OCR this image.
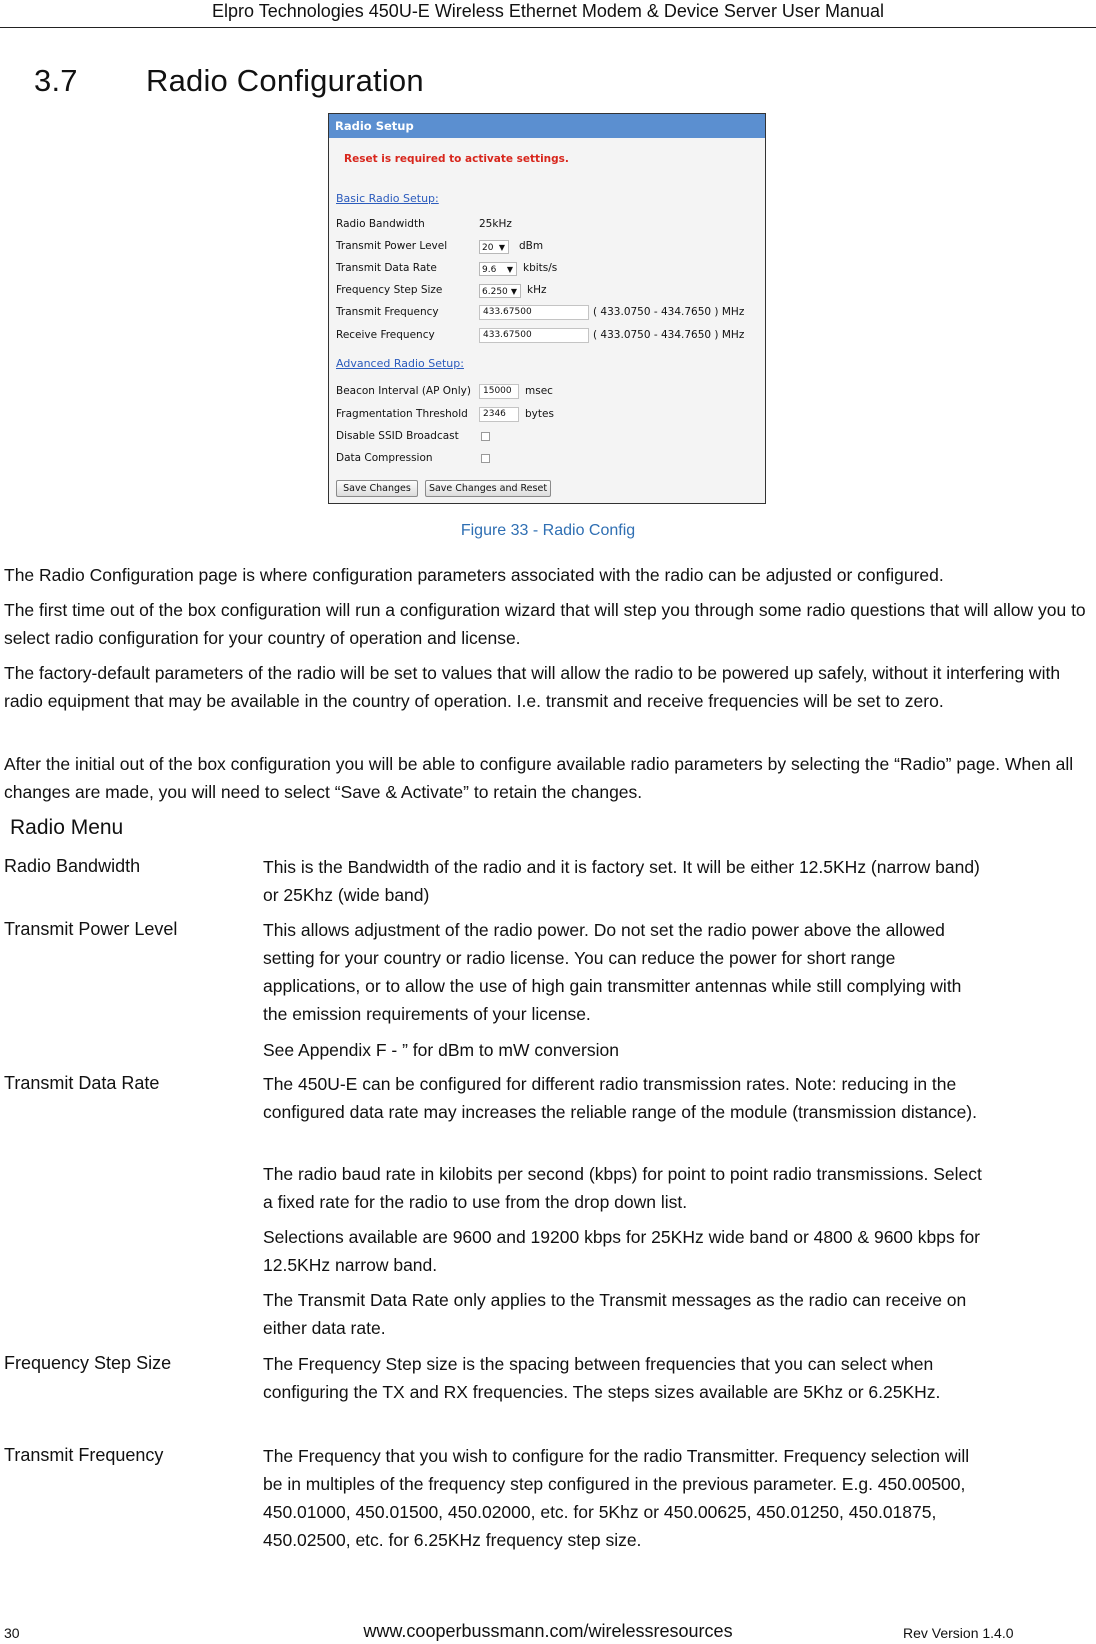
Elpro Technologies 450U-E Wireless Ethernet Modem & Device Server User Manual
3.7 Radio Configuration
Radio Setup
Reset is required to activate settings.
Basic Radio Setup:
Radio Bandwidth	25kHz
Transmit Power Level	20 ▼ dBm
Transmit Data Rate	9.6 ▼ kbits/s
Frequency Step Size	6.250 ▼ kHz
Transmit Frequency	433.67500	( 433.0750 - 434.7650 ) MHz
Receive Frequency	433.67500	( 433.0750 - 434.7650 ) MHz
Advanced Radio Setup:
Beacon Interval (AP Only)	15000	msec
Fragmentation Threshold	2346	bytes
Disable SSID Broadcast
Data Compression
Save Changes	Save Changes and Reset
Figure 33 - Radio Config
The Radio Configuration page is where configuration parameters associated with the radio can be adjusted or configured.
The first time out of the box configuration will run a configuration wizard that will step you through some radio questions that will allow you to select radio configuration for your country of operation and license.
The factory-default parameters of the radio will be set to values that will allow the radio to be powered up safely, without it interfering with radio equipment that may be available in the country of operation. I.e. transmit and receive frequencies will be set to zero.
After the initial out of the box configuration you will be able to configure available radio parameters by selecting the “Radio” page. When all changes are made, you will need to select “Save & Activate” to retain the changes.
Radio Menu
Radio Bandwidth	This is the Bandwidth of the radio and it is factory set. It will be either 12.5KHz (narrow band) or 25Khz (wide band)
Transmit Power Level	This allows adjustment of the radio power. Do not set the radio power above the allowed setting for your country or radio license. You can reduce the power for short range applications, or to allow the use of high gain transmitter antennas while still complying with the emission requirements of your license.
See Appendix F - ” for dBm to mW conversion
Transmit Data Rate	The 450U-E can be configured for different radio transmission rates. Note: reducing in the configured data rate may increases the reliable range of the module (transmission distance).
The radio baud rate in kilobits per second (kbps) for point to point radio transmissions. Select a fixed rate for the radio to use from the drop down list.
Selections available are 9600 and 19200 kbps for 25KHz wide band or 4800 & 9600 kbps for 12.5KHz narrow band.
The Transmit Data Rate only applies to the Transmit messages as the radio can receive on either data rate.
Frequency Step Size	The Frequency Step size is the spacing between frequencies that you can select when configuring the TX and RX frequencies. The steps sizes available are 5Khz or 6.25KHz.
Transmit Frequency	The Frequency that you wish to configure for the radio Transmitter. Frequency selection will be in multiples of the frequency step configured in the previous parameter. E.g. 450.00500, 450.01000, 450.01500, 450.02000, etc. for 5Khz or 450.00625, 450.01250, 450.01875, 450.02500, etc. for 6.25KHz frequency step size.
www.cooperbussmann.com/wirelessresources
30	Rev Version 1.4.0
